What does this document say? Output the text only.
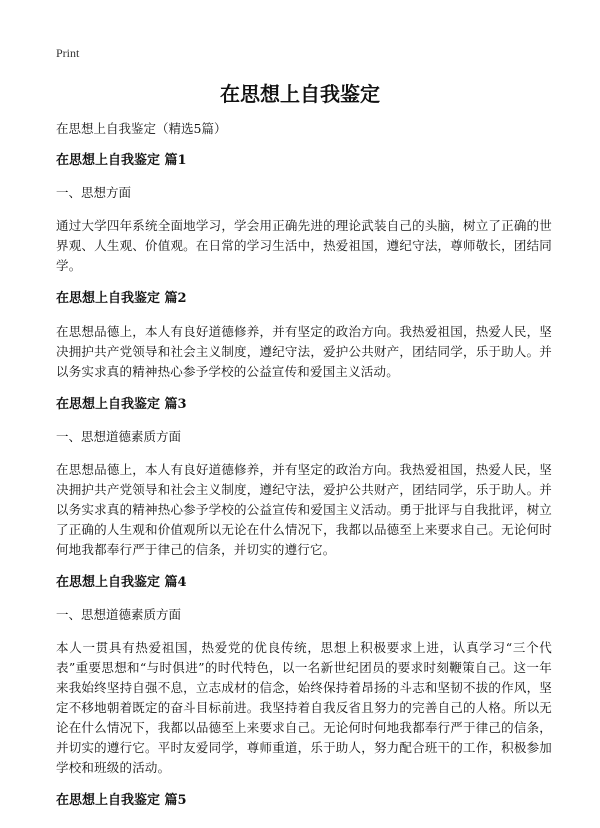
Print
在思想上自我鉴定

在思想上自我鉴定（精选5篇）

在思想上自我鉴定 篇1

一、思想方面

通过大学四年系统全面地学习，学会用正确先进的理论武装自己的头脑，树立了正确的世界观、人生观、价值观。在日常的学习生活中，热爱祖国，遵纪守法，尊师敬长，团结同学。

在思想上自我鉴定 篇2

在思想品德上，本人有良好道德修养，并有坚定的政治方向。我热爱祖国，热爱人民，坚决拥护共产党领导和社会主义制度，遵纪守法，爱护公共财产，团结同学，乐于助人。并以务实求真的精神热心参予学校的公益宣传和爱国主义活动。

在思想上自我鉴定 篇3

一、思想道德素质方面

在思想品德上，本人有良好道德修养，并有坚定的政治方向。我热爱祖国，热爱人民，坚决拥护共产党领导和社会主义制度，遵纪守法，爱护公共财产，团结同学，乐于助人。并以务实求真的精神热心参予学校的公益宣传和爱国主义活动。勇于批评与自我批评，树立了正确的人生观和价值观所以无论在什么情况下，我都以品德至上来要求自己。无论何时何地我都奉行严于律己的信条，并切实的遵行它。

在思想上自我鉴定 篇4

一、思想道德素质方面

本人一贯具有热爱祖国，热爱党的优良传统，思想上积极要求上进，认真学习“三个代表”重要思想和“与时俱进”的时代特色，以一名新世纪团员的要求时刻鞭策自己。这一年来我始终坚持自强不息，立志成材的信念，始终保持着昂扬的斗志和坚韧不拔的作风，坚定不移地朝着既定的奋斗目标前进。我坚持着自我反省且努力的完善自己的人格。所以无论在什么情况下，我都以品德至上来要求自己。无论何时何地我都奉行严于律己的信条，并切实的遵行它。平时友爱同学，尊师重道，乐于助人，努力配合班干的工作，积极参加学校和班级的活动。

在思想上自我鉴定 篇5
